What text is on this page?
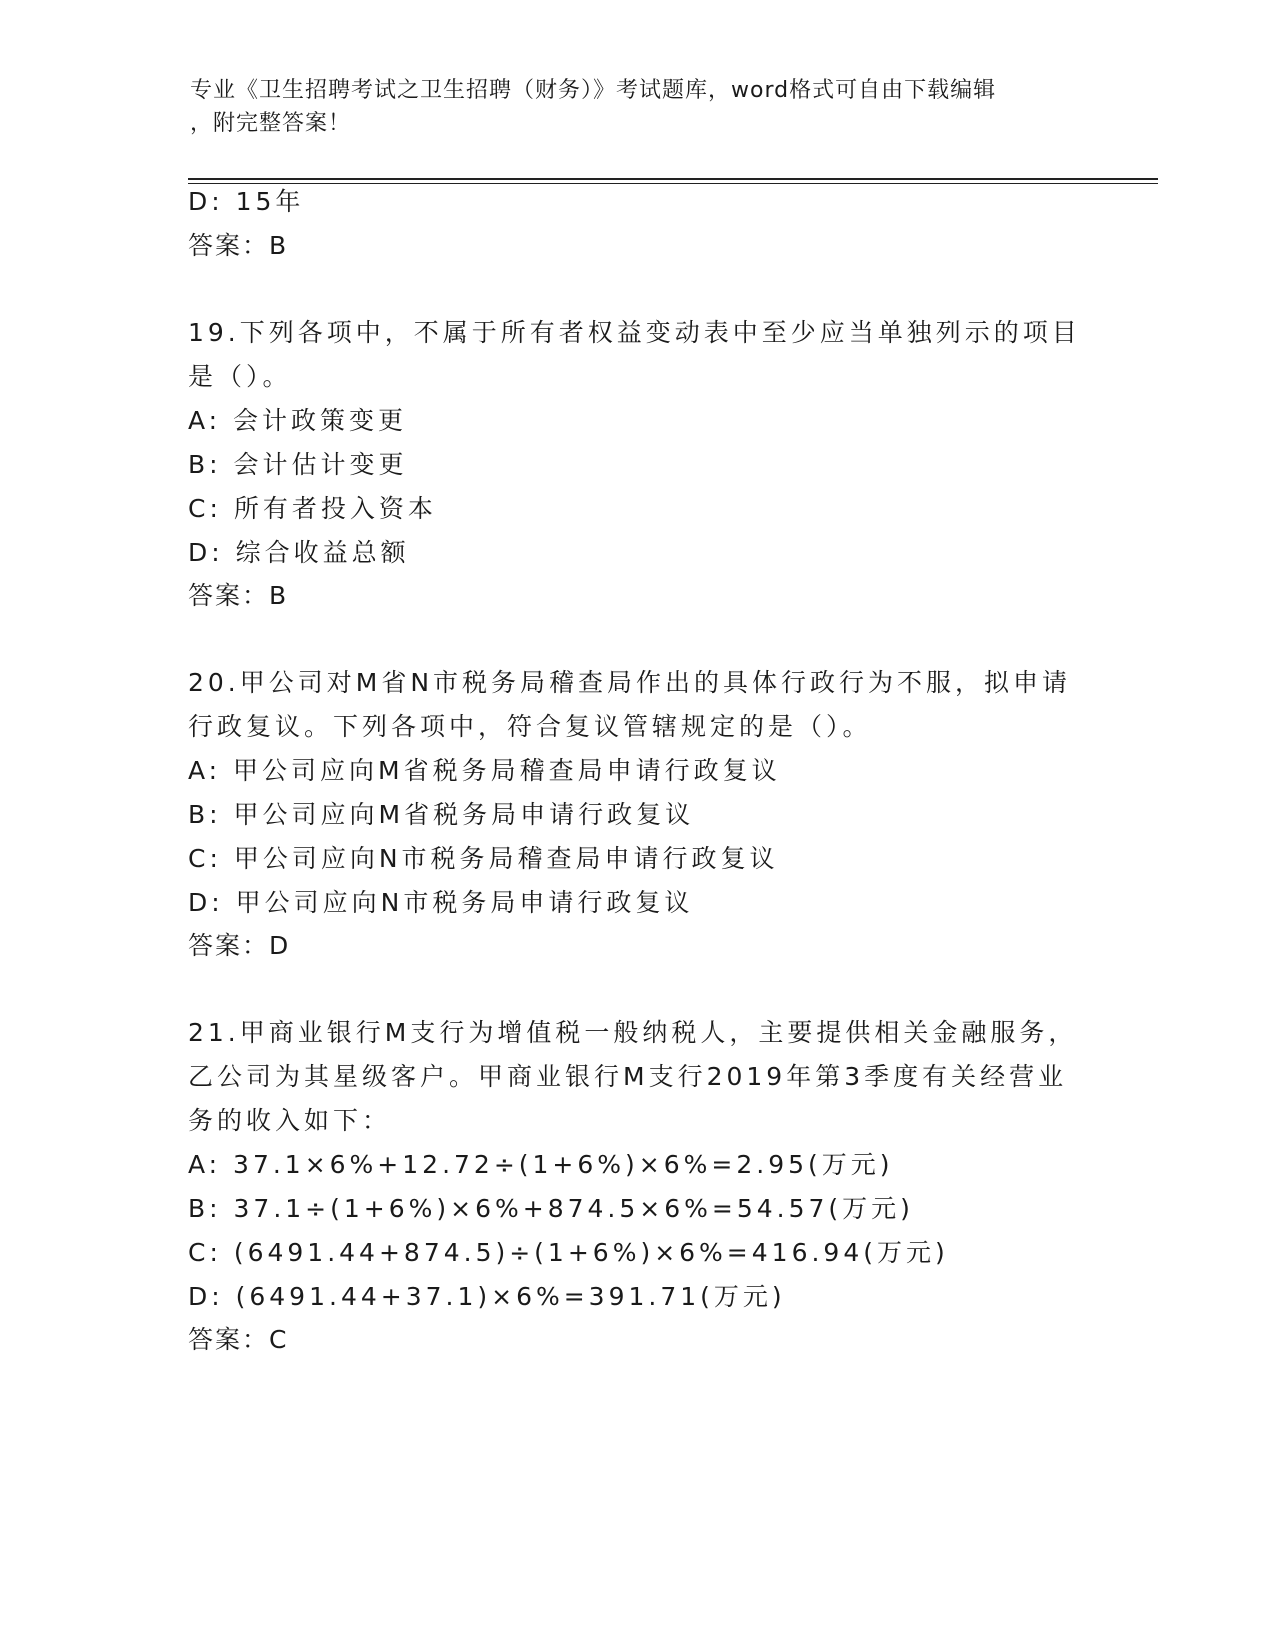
专业《卫生招聘考试之卫生招聘（财务）》考试题库，word格式可自由下载编辑
，附完整答案！
D: 15年
答案：B
19.下列各项中，不属于所有者权益变动表中至少应当单独列示的项目
是（）。
A: 会计政策变更
B: 会计估计变更
C: 所有者投入资本
D: 综合收益总额
答案：B
20.甲公司对M省N市税务局稽查局作出的具体行政行为不服，拟申请
行政复议。下列各项中，符合复议管辖规定的是（）。
A: 甲公司应向M省税务局稽查局申请行政复议
B: 甲公司应向M省税务局申请行政复议
C: 甲公司应向N市税务局稽查局申请行政复议
D: 甲公司应向N市税务局申请行政复议
答案：D
21.甲商业银行M支行为增值税一般纳税人，主要提供相关金融服务，
乙公司为其星级客户。甲商业银行M支行2019年第3季度有关经营业
务的收入如下：
A: 37.1×6%+12.72÷(1+6%)×6%=2.95(万元)
B: 37.1÷(1+6%)×6%+874.5×6%=54.57(万元)
C: (6491.44+874.5)÷(1+6%)×6%=416.94(万元)
D: (6491.44+37.1)×6%=391.71(万元)
答案：C
